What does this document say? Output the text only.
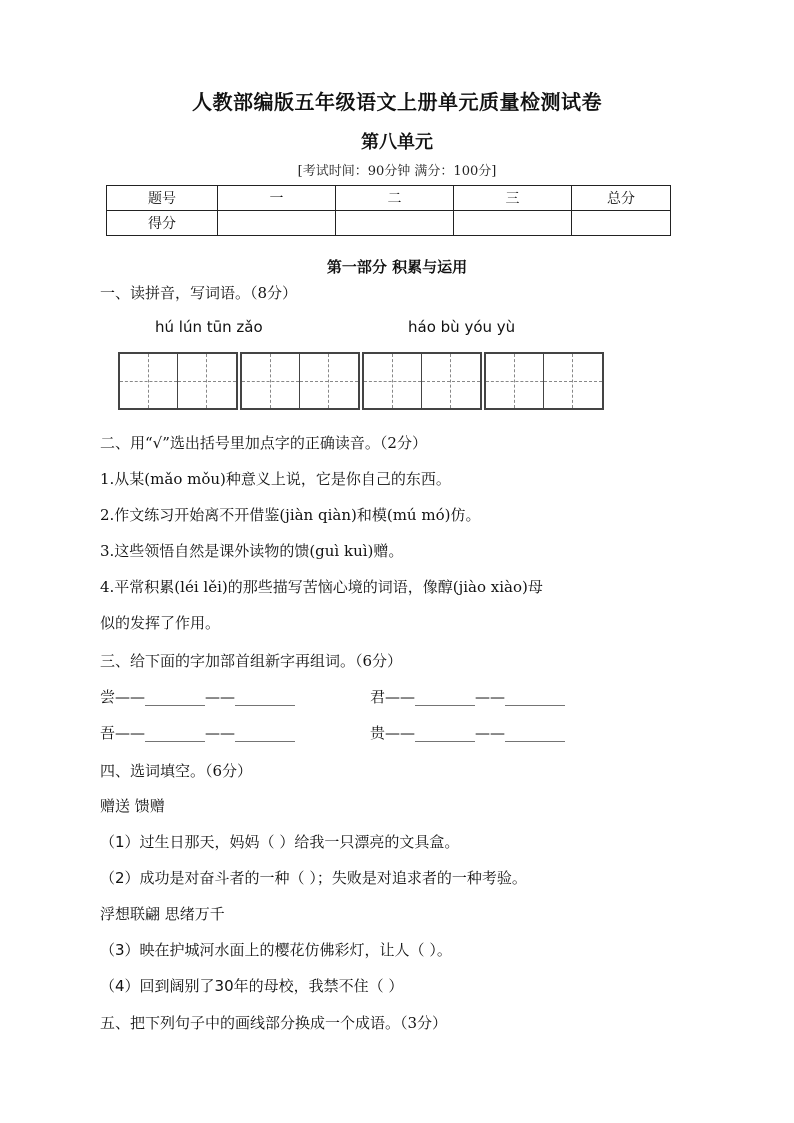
人教部编版五年级语文上册单元质量检测试卷
第八单元
[考试时间：90分钟 满分：100分]
题号	一	二	三	总分
得分				
第一部分 积累与运用
一、读拼音，写词语。（8分）
hú lún tūn zǎo	háo bù yóu yù
二、用“√”选出括号里加点字的正确读音。（2分）
1.从某(mǎo mǒu)种意义上说，它是你自己的东西。
2.作文练习开始离不开借鉴(jiàn qiàn)和模(mú mó)仿。
3.这些领悟自然是课外读物的馈(guì kuì)赠。
4.平常积累(léi lěi)的那些描写苦恼心境的词语，像醇(jiào xiào)母
似的发挥了作用。
三、给下面的字加部首组新字再组词。（6分）
尝——________——________	君——________——________
吾——________——________	贵——________——________
四、选词填空。（6分）
赠送 馈赠
（1）过生日那天，妈妈（ ）给我一只漂亮的文具盒。
（2）成功是对奋斗者的一种（ ）；失败是对追求者的一种考验。
浮想联翩 思绪万千
（3）映在护城河水面上的樱花仿佛彩灯，让人（ ）。
（4）回到阔别了30年的母校，我禁不住（ ）
五、把下列句子中的画线部分换成一个成语。（3分）
